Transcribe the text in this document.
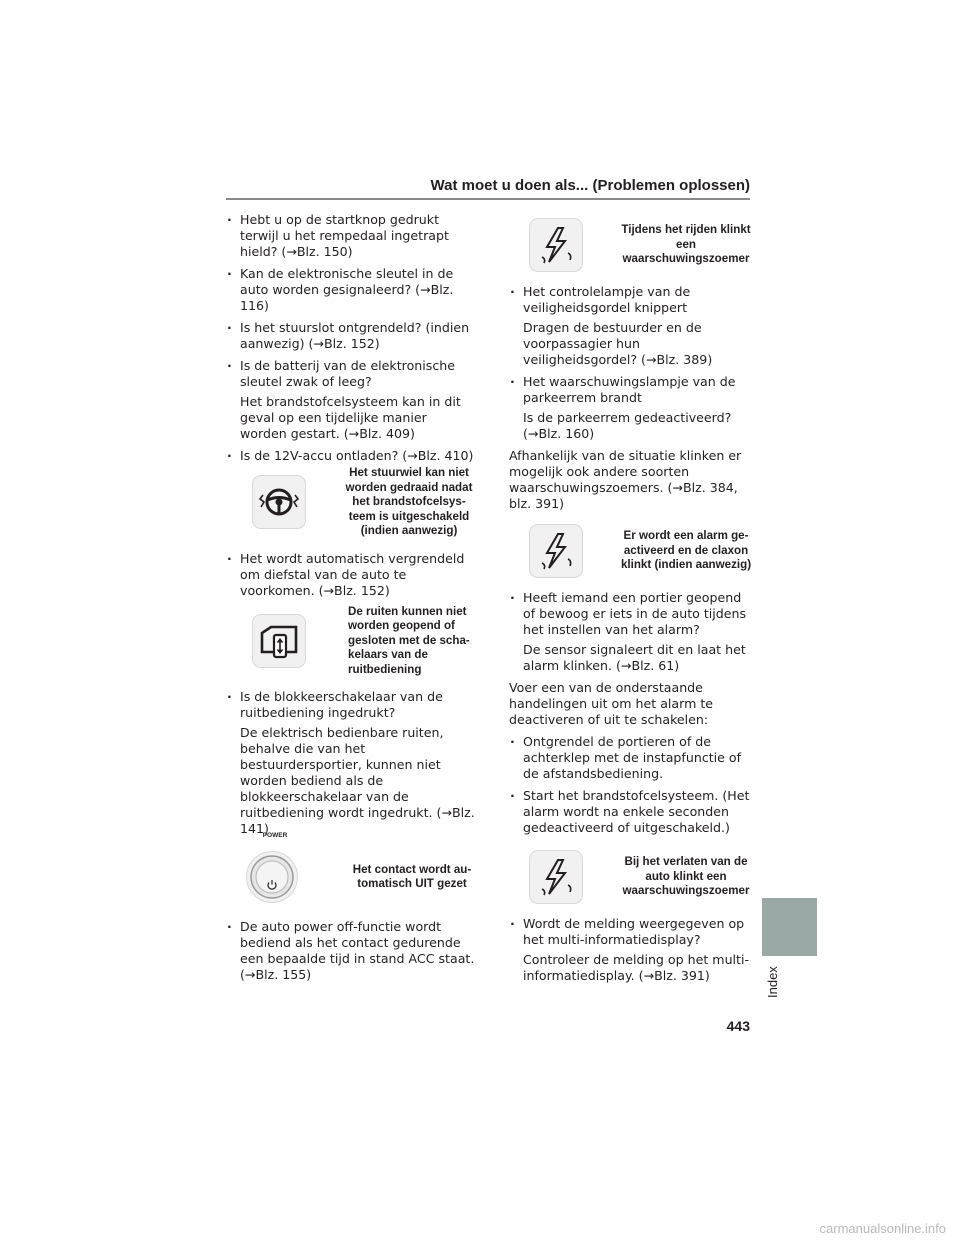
Wat moet u doen als... (Problemen oplossen)

· Hebt u op de startknop gedrukt terwijl u het rempedaal ingetrapt hield? (→Blz. 150)

· Kan de elektronische sleutel in de auto worden gesignaleerd? (→Blz. 116)

· Is het stuurslot ontgrendeld? (indien aanwezig) (→Blz. 152)

· Is de batterij van de elektronische sleutel zwak of leeg?

Het brandstofcelsysteem kan in dit geval op een tijdelijke manier worden gestart. (→Blz. 409)

· Is de 12V-accu ontladen? (→Blz. 410)

Het stuurwiel kan niet worden gedraaid nadat het brandstofcelsys-teem is uitgeschakeld (indien aanwezig)

· Het wordt automatisch vergrendeld om diefstal van de auto te voorkomen. (→Blz. 152)

De ruiten kunnen niet worden geopend of gesloten met de scha-kelaars van de ruitbediening

· Is de blokkeerschakelaar van de ruitbediening ingedrukt?

De elektrisch bedienbare ruiten, behalve die van het bestuurdersportier, kunnen niet worden bediend als de blokkeerschakelaar van de ruitbediening wordt ingedrukt. (→Blz. 141)

Het contact wordt au-tomatisch UIT gezet

· De auto power off-functie wordt bediend als het contact gedurende een bepaalde tijd in stand ACC staat. (→Blz. 155)

POWER
Tijdens het rijden klinkt een waarschuwingszoemer

· Het controlelampje van de veiligheidsgordel knippert

Dragen de bestuurder en de voorpassagier hun veiligheidsgordel? (→Blz. 389)

· Het waarschuwingslampje van de parkeerrem brandt

Is de parkeerrem gedeactiveerd? (→Blz. 160)

Afhankelijk van de situatie klinken er mogelijk ook andere soorten waarschuwingszoemers. (→Blz. 384, blz. 391)

Er wordt een alarm ge-activeerd en de claxon klinkt (indien aanwezig)

· Heeft iemand een portier geopend of bewoog er iets in de auto tijdens het instellen van het alarm?

De sensor signaleert dit en laat het alarm klinken. (→Blz. 61)

Voer een van de onderstaande handelingen uit om het alarm te deactiveren of uit te schakelen:

· Ontgrendel de portieren of de achterklep met de instapfunctie of de afstandsbediening.

· Start het brandstofcelsysteem. (Het alarm wordt na enkele seconden gedeactiveerd of uitgeschakeld.)

Bij het verlaten van de auto klinkt een waarschuwingszoemer

· Wordt de melding weergegeven op het multi-informatiedisplay?

Controleer de melding op het multi-informatiedisplay. (→Blz. 391)	Index
443
carmanualsonline.info
